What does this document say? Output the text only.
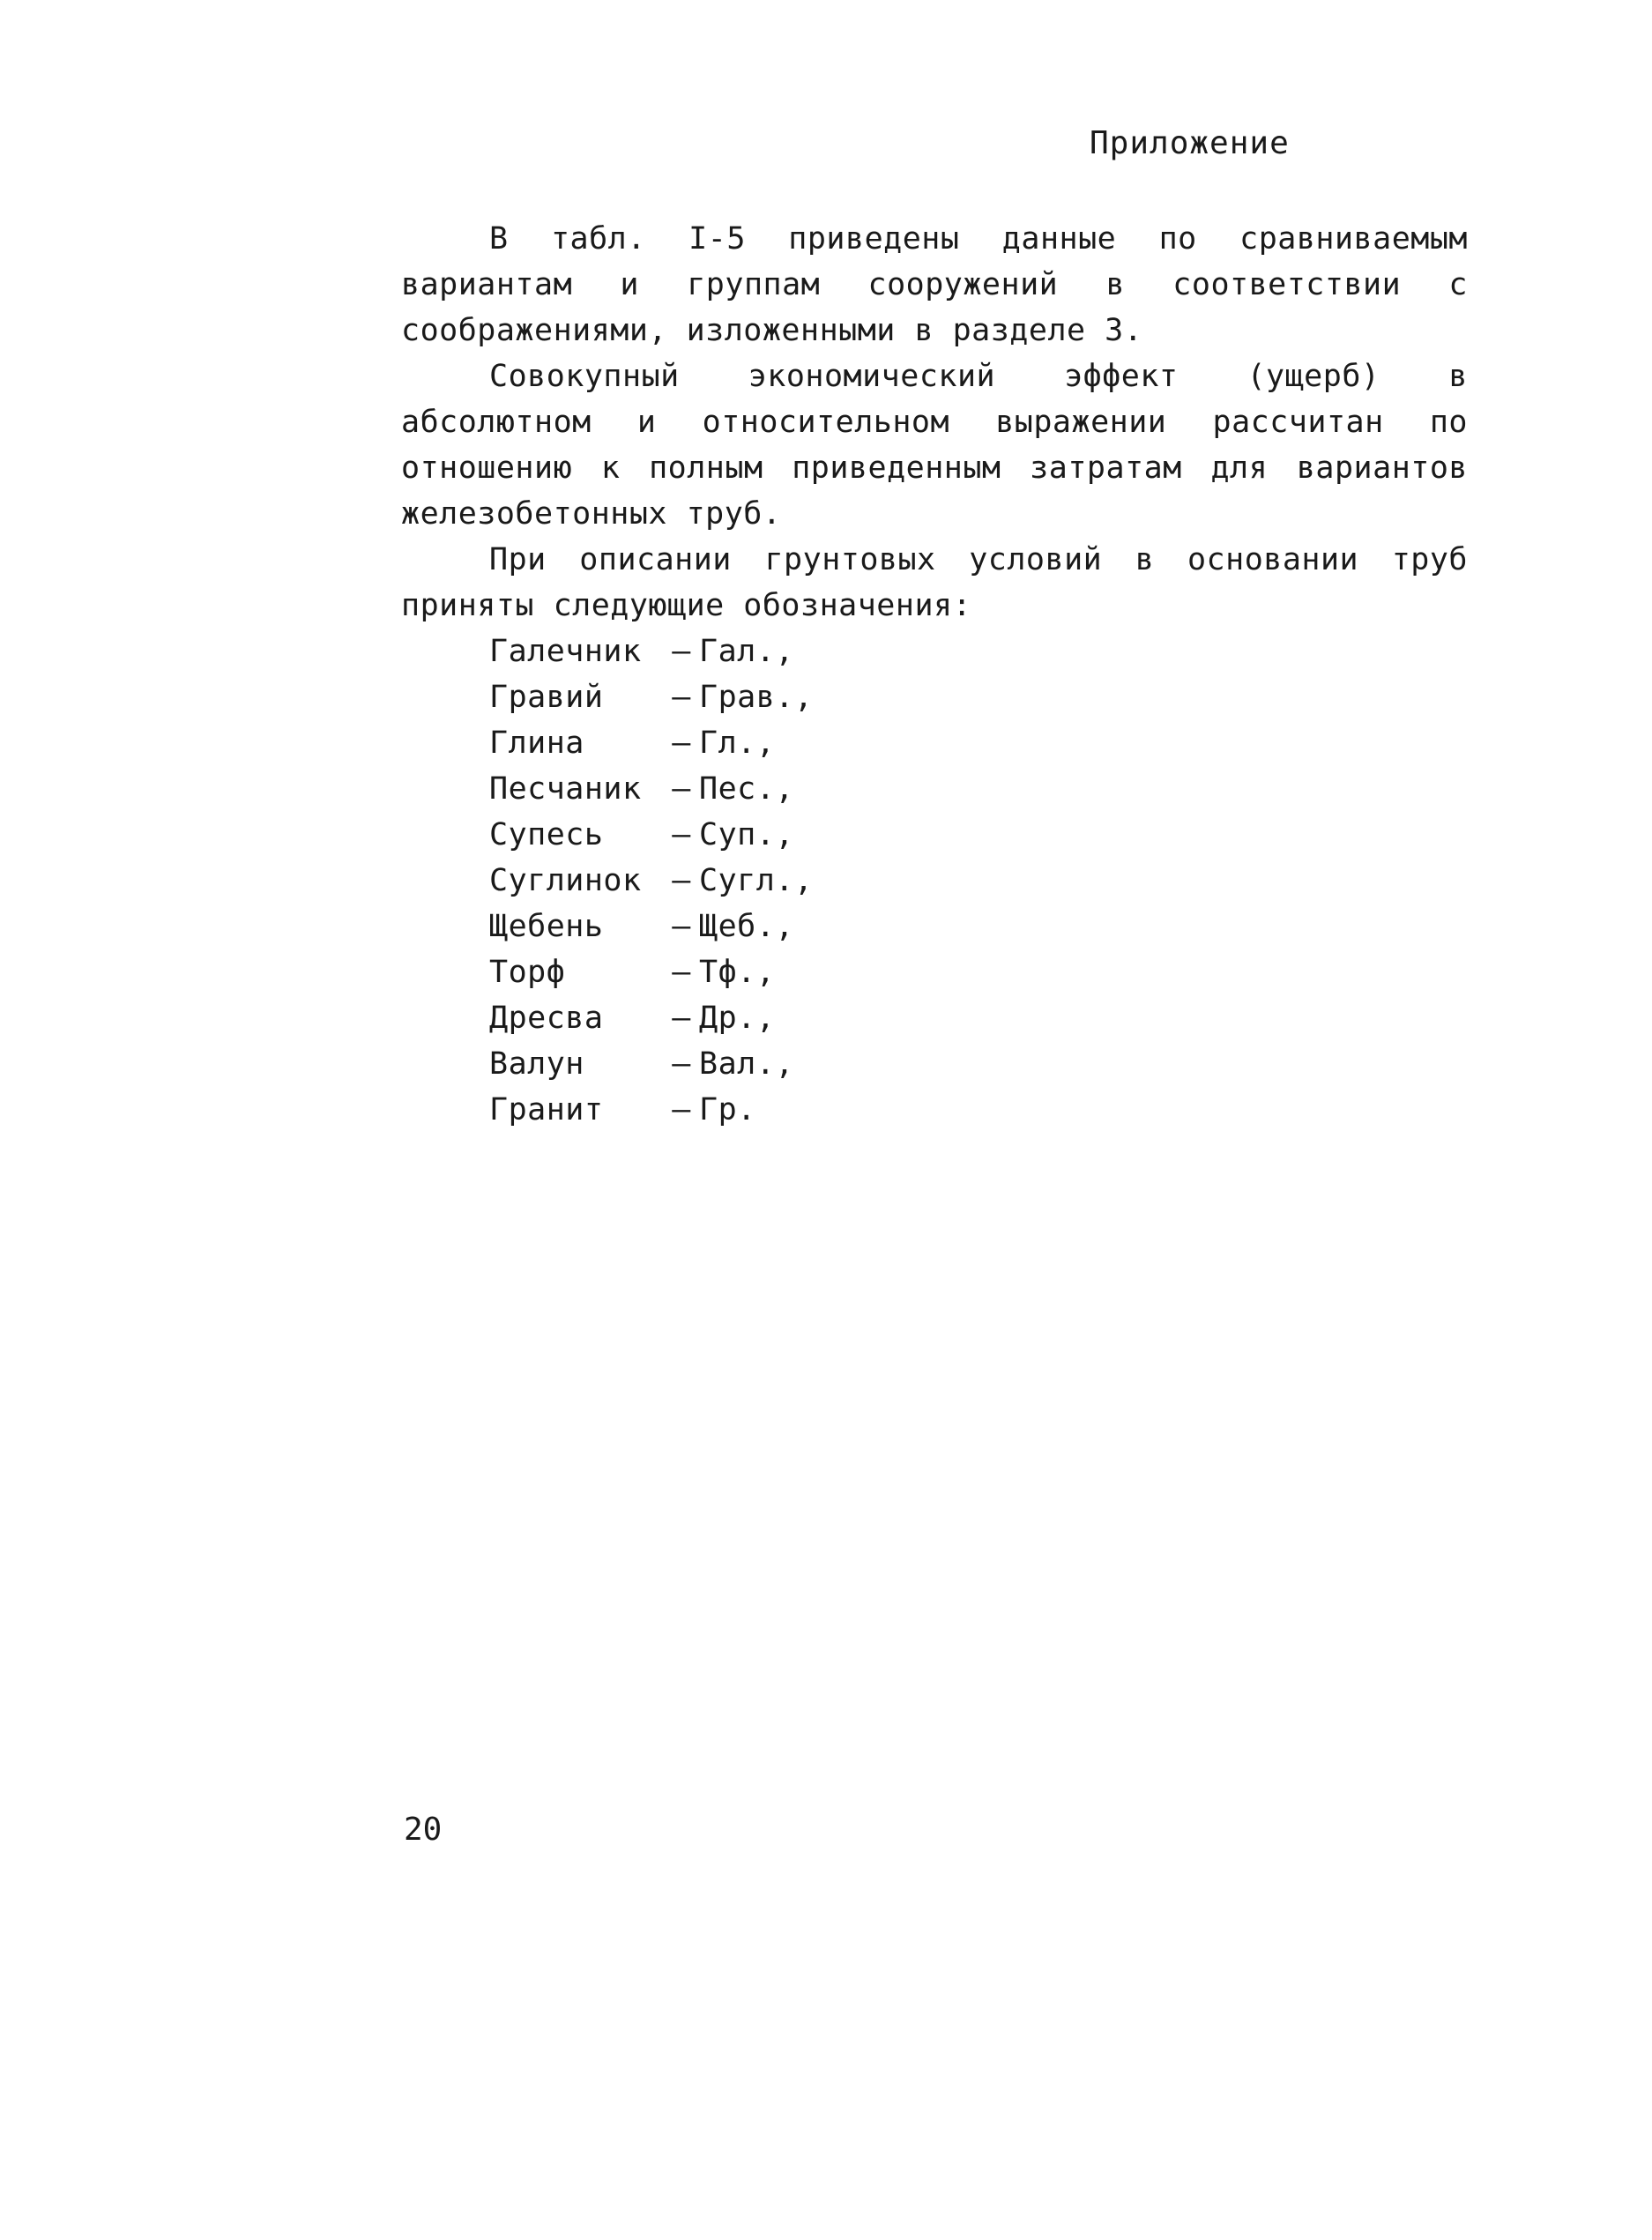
Приложение

В табл. I-5 приведены данные по сравниваемым вариантам и группам сооружений в соответствии с соображениями, изложенными в разделе 3.

Совокупный экономический эффект (ущерб) в абсолютном и относительном выражении рассчитан по отношению к полным приведенным затратам для вариантов железобетонных труб.

При описании грунтовых условий в основании труб приняты следующие обозначения:

Галечник	–	Гал.,
Гравий	–	Грав.,
Глина	–	Гл.,
Песчаник	–	Пес.,
Супесь	–	Суп.,
Суглинок	–	Сугл.,
Щебень	–	Щеб.,
Торф	–	Тф.,
Дресва	–	Др.,
Валун	–	Вал.,
Гранит	–	Гр.
20
